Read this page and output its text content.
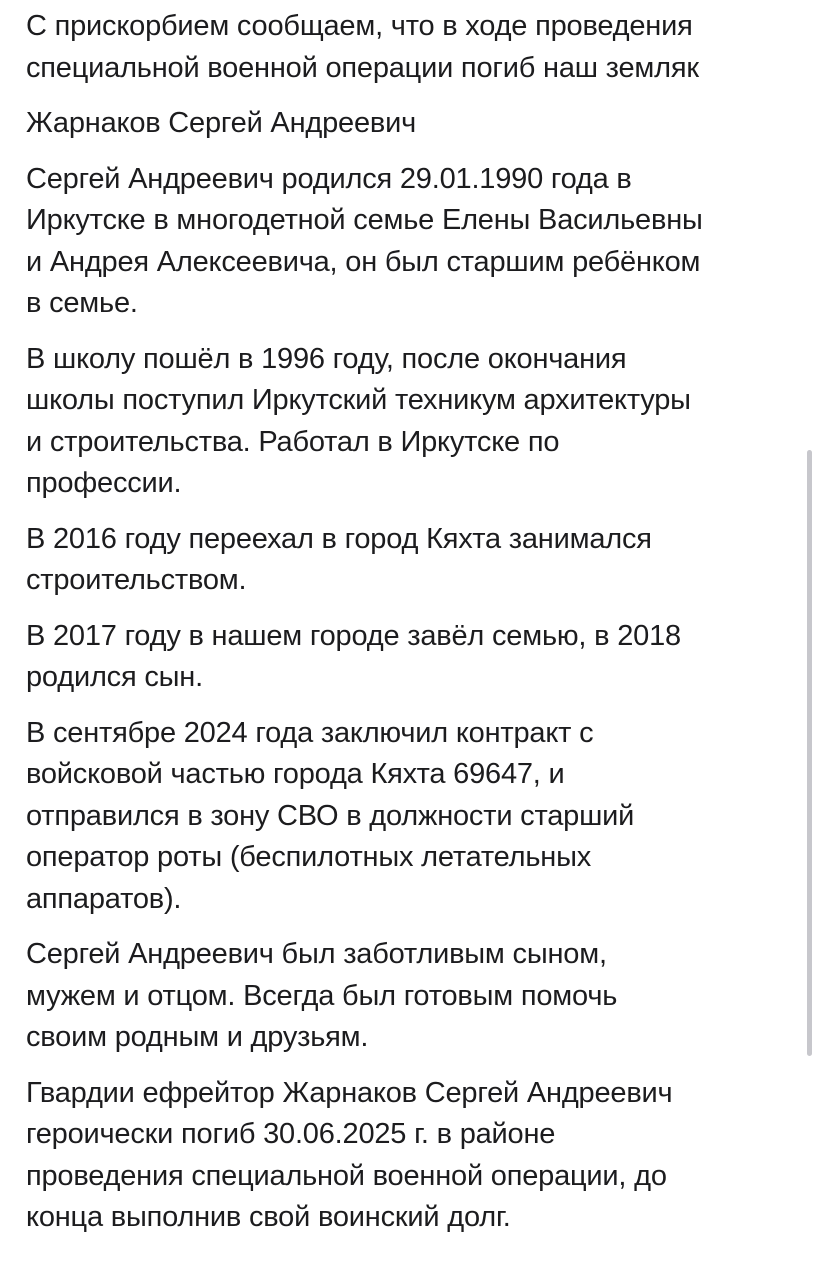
С прискорбием сообщаем, что в ходе проведения
специальной военной операции погиб наш земляк

Жарнаков Сергей Андреевич

Сергей Андреевич родился 29.01.1990 года в
Иркутске в многодетной семье Елены Васильевны
и Андрея Алексеевича, он был старшим ребёнком
в семье.

В школу пошёл в 1996 году, после окончания
школы поступил Иркутский техникум архитектуры
и строительства. Работал в Иркутске по
профессии.

В 2016 году переехал в город Кяхта занимался
строительством.

В 2017 году в нашем городе завёл семью, в 2018
родился сын.

В сентябре 2024 года заключил контракт с
войсковой частью города Кяхта 69647, и
отправился в зону СВО в должности старший
оператор роты (беспилотных летательных
аппаратов).

Сергей Андреевич был заботливым сыном,
мужем и отцом. Всегда был готовым помочь
своим родным и друзьям.

Гвардии ефрейтор Жарнаков Сергей Андреевич
героически погиб 30.06.2025 г. в районе
проведения специальной военной операции, до
конца выполнив свой воинский долг.
